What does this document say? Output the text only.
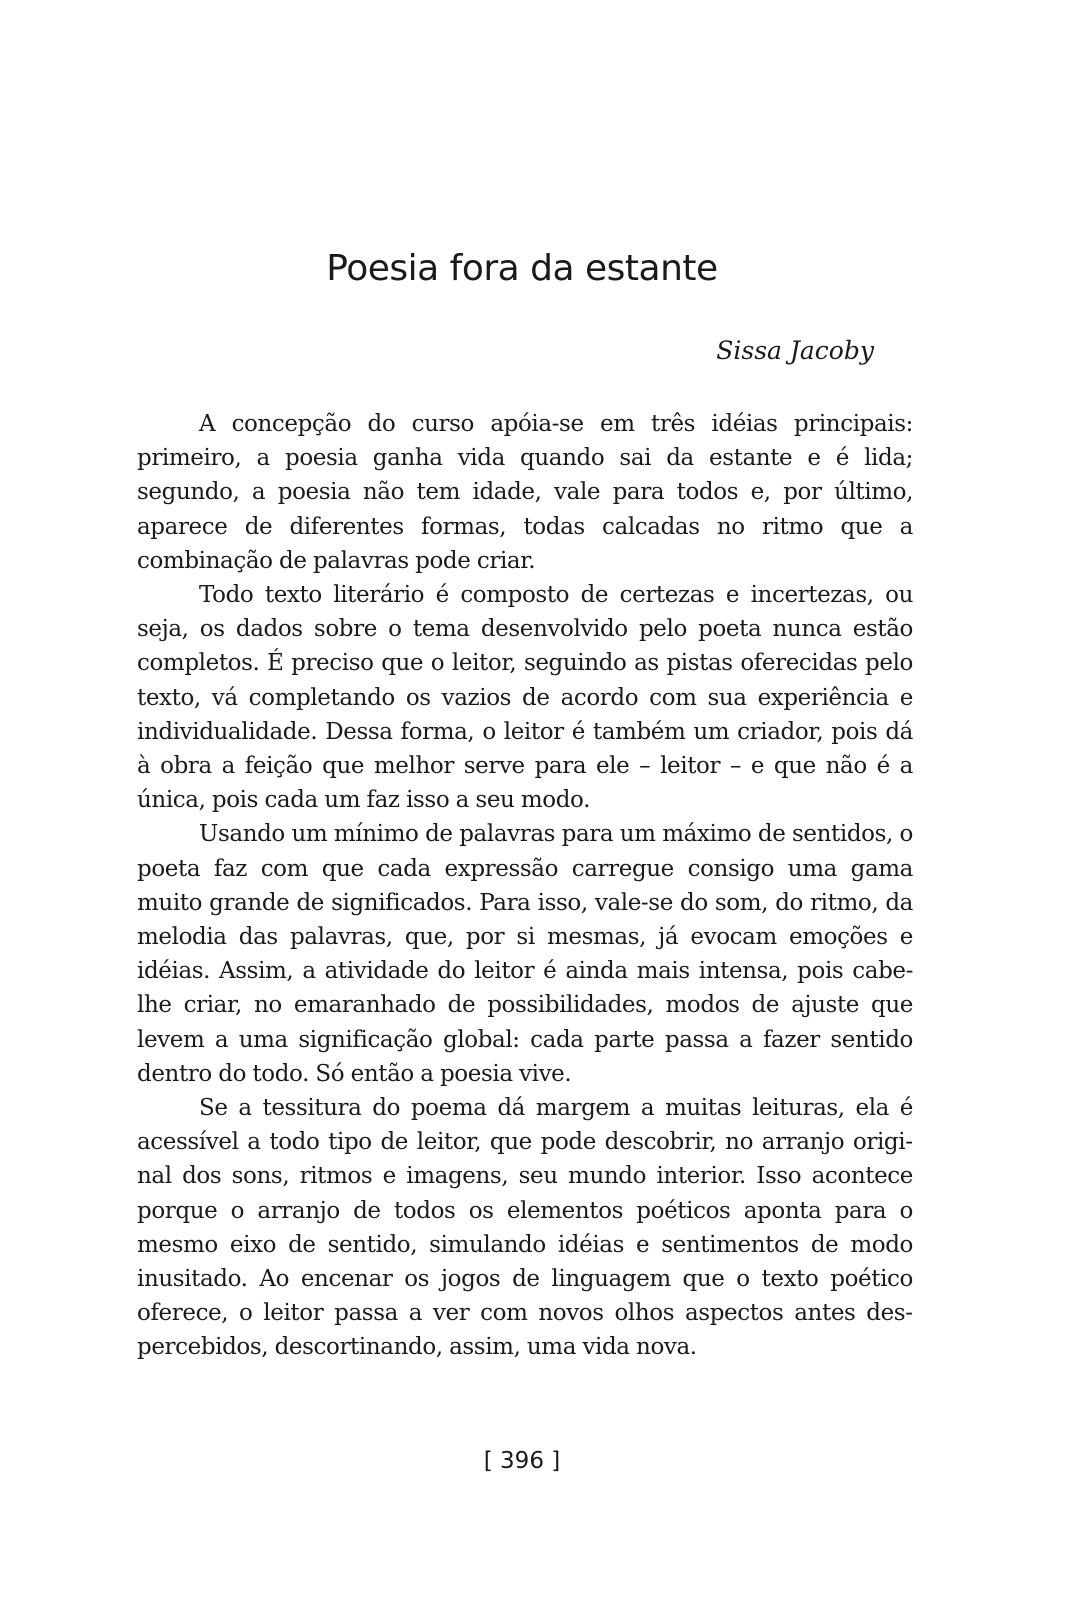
Poesia fora da estante
Sissa Jacoby

A concepção do curso apóia-se em três idéias principais: primeiro, a poesia ganha vida quando sai da estante e é lida; segundo, a poesia não tem idade, vale para todos e, por último, aparece de diferentes formas, todas calcadas no ritmo que a combinação de palavras pode criar.

Todo texto literário é composto de certezas e incertezas, ou seja, os dados sobre o tema desenvolvido pelo poeta nunca estão completos. É preciso que o leitor, seguindo as pistas oferecidas pelo texto, vá completando os vazios de acordo com sua experiência e individualidade. Dessa forma, o leitor é também um criador, pois dá à obra a feição que melhor serve para ele – leitor – e que não é a única, pois cada um faz isso a seu modo.

Usando um mínimo de palavras para um máximo de sentidos, o poeta faz com que cada expressão carregue consigo uma gama muito grande de significados. Para isso, vale-se do som, do ritmo, da melodia das palavras, que, por si mesmas, já evocam emoções e idéias. Assim, a atividade do leitor é ainda mais intensa, pois cabe-lhe criar, no emaranhado de possibilidades, modos de ajuste que levem a uma significação global: cada parte passa a fazer sentido dentro do todo. Só então a poesia vive.

Se a tessitura do poema dá margem a muitas leituras, ela é acessível a todo tipo de leitor, que pode descobrir, no arranjo original dos sons, ritmos e imagens, seu mundo interior. Isso acontece porque o arranjo de todos os elementos poéticos aponta para o mesmo eixo de sentido, simulando idéias e sentimentos de modo inusitado. Ao encenar os jogos de linguagem que o texto poético oferece, o leitor passa a ver com novos olhos aspectos antes despercebidos, descortinando, assim, uma vida nova.

[ 396 ]
